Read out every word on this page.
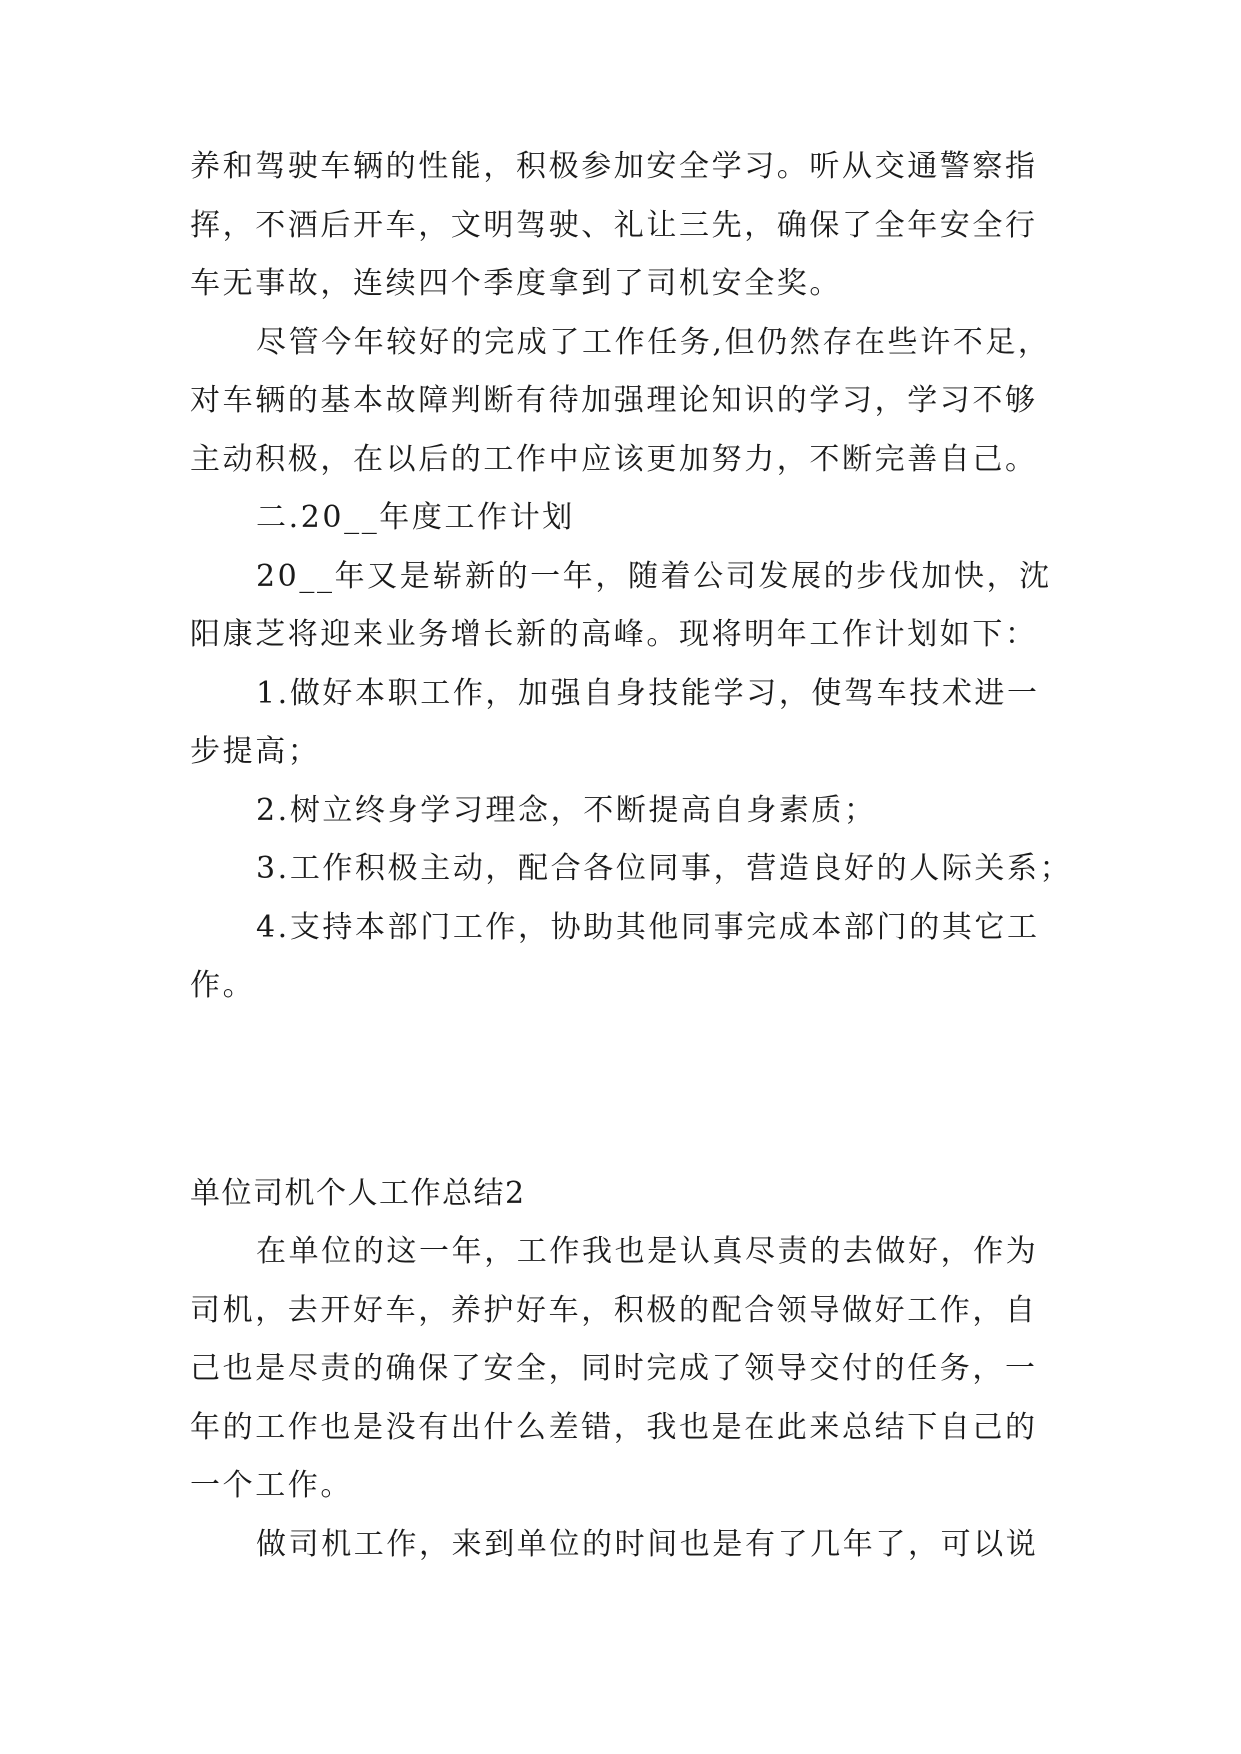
养和驾驶车辆的性能，积极参加安全学习。听从交通警察指
挥，不酒后开车，文明驾驶、礼让三先，确保了全年安全行
车无事故，连续四个季度拿到了司机安全奖。
尽管今年较好的完成了工作任务,但仍然存在些许不足，
对车辆的基本故障判断有待加强理论知识的学习，学习不够
主动积极，在以后的工作中应该更加努力，不断完善自己。
二.20__年度工作计划
20__年又是崭新的一年，随着公司发展的步伐加快，沈
阳康芝将迎来业务增长新的高峰。现将明年工作计划如下：
1.做好本职工作，加强自身技能学习，使驾车技术进一
步提高；
2.树立终身学习理念，不断提高自身素质；
3.工作积极主动，配合各位同事，营造良好的人际关系；
4.支持本部门工作，协助其他同事完成本部门的其它工
作。
单位司机个人工作总结2
在单位的这一年，工作我也是认真尽责的去做好，作为
司机，去开好车，养护好车，积极的配合领导做好工作，自
己也是尽责的确保了安全，同时完成了领导交付的任务，一
年的工作也是没有出什么差错，我也是在此来总结下自己的
一个工作。
做司机工作，来到单位的时间也是有了几年了，可以说
